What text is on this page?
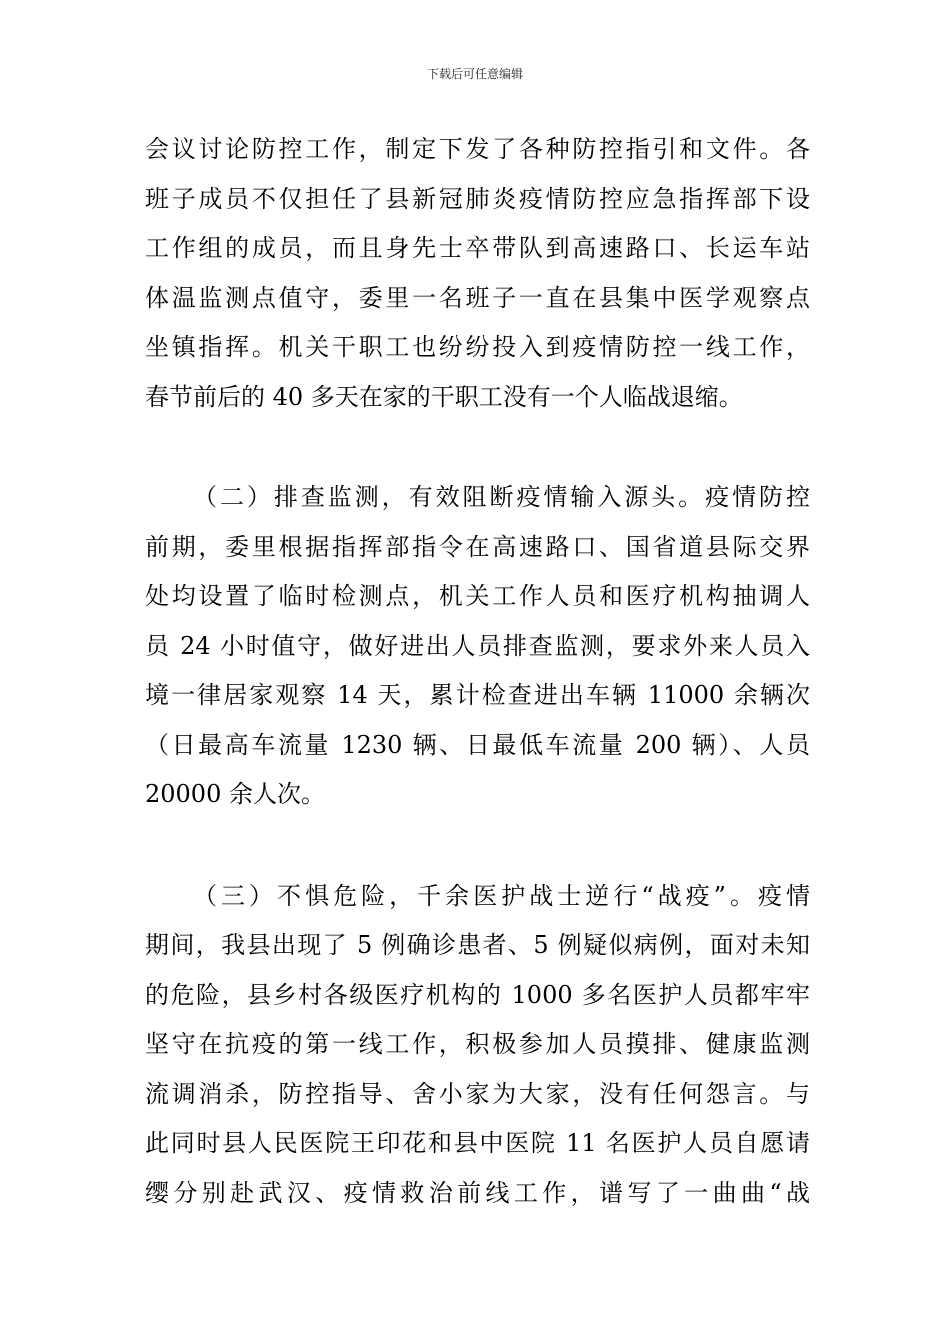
下载后可任意编辑
会议讨论防控工作，制定下发了各种防控指引和文件。各
班子成员不仅担任了县新冠肺炎疫情防控应急指挥部下设
工作组的成员，而且身先士卒带队到高速路口、长运车站
体温监测点值守，委里一名班子一直在县集中医学观察点
坐镇指挥。机关干职工也纷纷投入到疫情防控一线工作，
春节前后的 40 多天在家的干职工没有一个人临战退缩。
（二）排查监测，有效阻断疫情输入源头。疫情防控
前期，委里根据指挥部指令在高速路口、国省道县际交界
处均设置了临时检测点，机关工作人员和医疗机构抽调人
员 24 小时值守，做好进出人员排查监测，要求外来人员入
境一律居家观察 14 天，累计检查进出车辆 11000 余辆次
（日最高车流量 1230 辆、日最低车流量 200 辆）、人员
20000 余人次。
（三）不惧危险，千余医护战士逆行“战疫”。疫情
期间，我县出现了 5 例确诊患者、5 例疑似病例，面对未知
的危险，县乡村各级医疗机构的 1000 多名医护人员都牢牢
坚守在抗疫的第一线工作，积极参加人员摸排、健康监测
流调消杀，防控指导、舍小家为大家，没有任何怨言。与
此同时县人民医院王印花和县中医院 11 名医护人员自愿请
缨分别赴武汉、疫情救治前线工作，谱写了一曲曲“战
